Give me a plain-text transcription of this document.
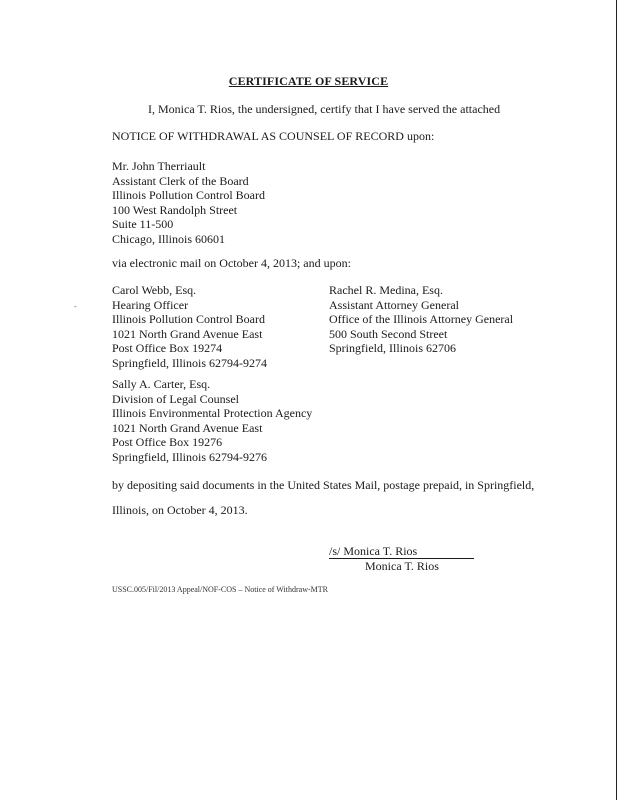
CERTIFICATE OF SERVICE
I, Monica T. Rios, the undersigned, certify that I have served the attached
NOTICE OF WITHDRAWAL AS COUNSEL OF RECORD upon:
Mr. John Therriault
Assistant Clerk of the Board
Illinois Pollution Control Board
100 West Randolph Street
Suite 11-500
Chicago, Illinois 60601
via electronic mail on October 4, 2013; and upon:
-
Carol Webb, Esq.
Hearing Officer
Illinois Pollution Control Board
1021 North Grand Avenue East
Post Office Box 19274
Springfield, Illinois 62794-9274
Rachel R. Medina, Esq.
Assistant Attorney General
Office of the Illinois Attorney General
500 South Second Street
Springfield, Illinois 62706
Sally A. Carter, Esq.
Division of Legal Counsel
Illinois Environmental Protection Agency
1021 North Grand Avenue East
Post Office Box 19276
Springfield, Illinois 62794-9276
by depositing said documents in the United States Mail, postage prepaid, in Springfield,
Illinois, on October 4, 2013.
/s/ Monica T. Rios
Monica T. Rios
USSC.005/Fil/2013 Appeal/NOF-COS – Notice of Withdraw-MTR
